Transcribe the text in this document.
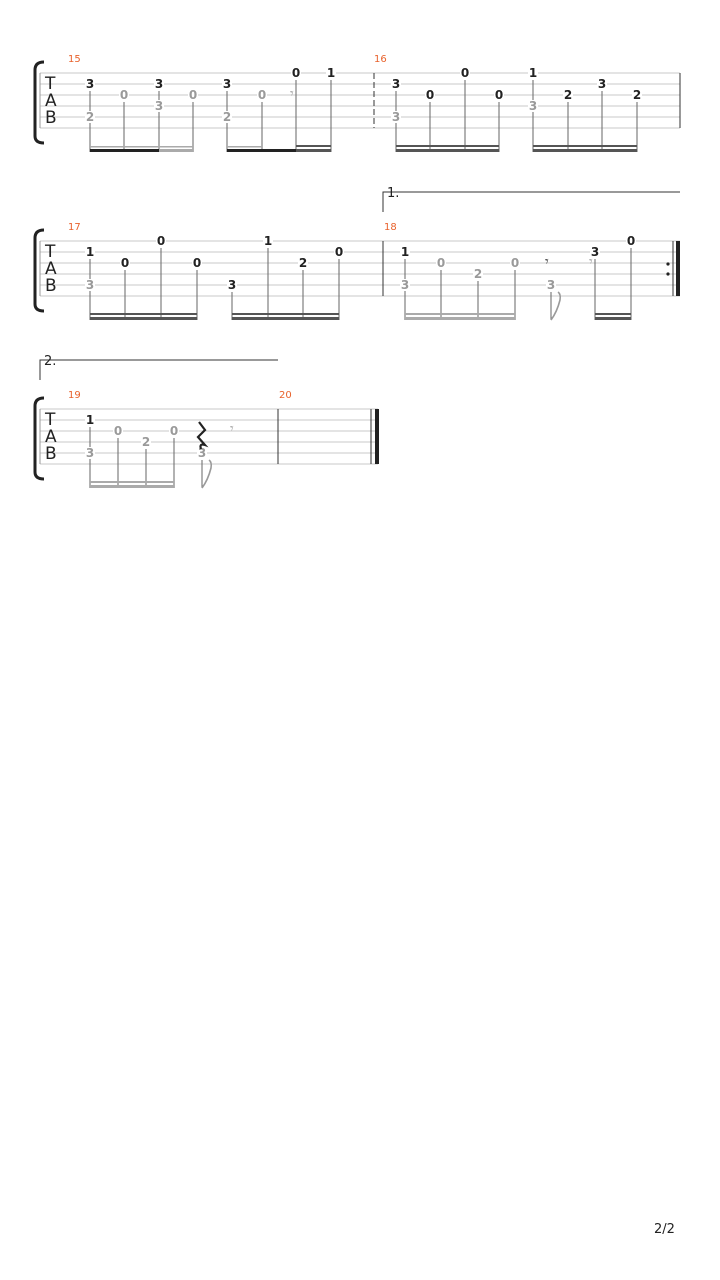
T
A
B
15	16
3
2
0
3
3
0
3
2
0
0 1
3
3
0
0
0
1
3
2
3
2
𝄾
1.
T
A
B
17	18
1
3
0
0
0
3
1
2
0	1
3
0
2
0
3
3
0
𝄾	𝄾
2.
T
A
B
19	20
1
3
0
2
0
3
𝄾
2/2
